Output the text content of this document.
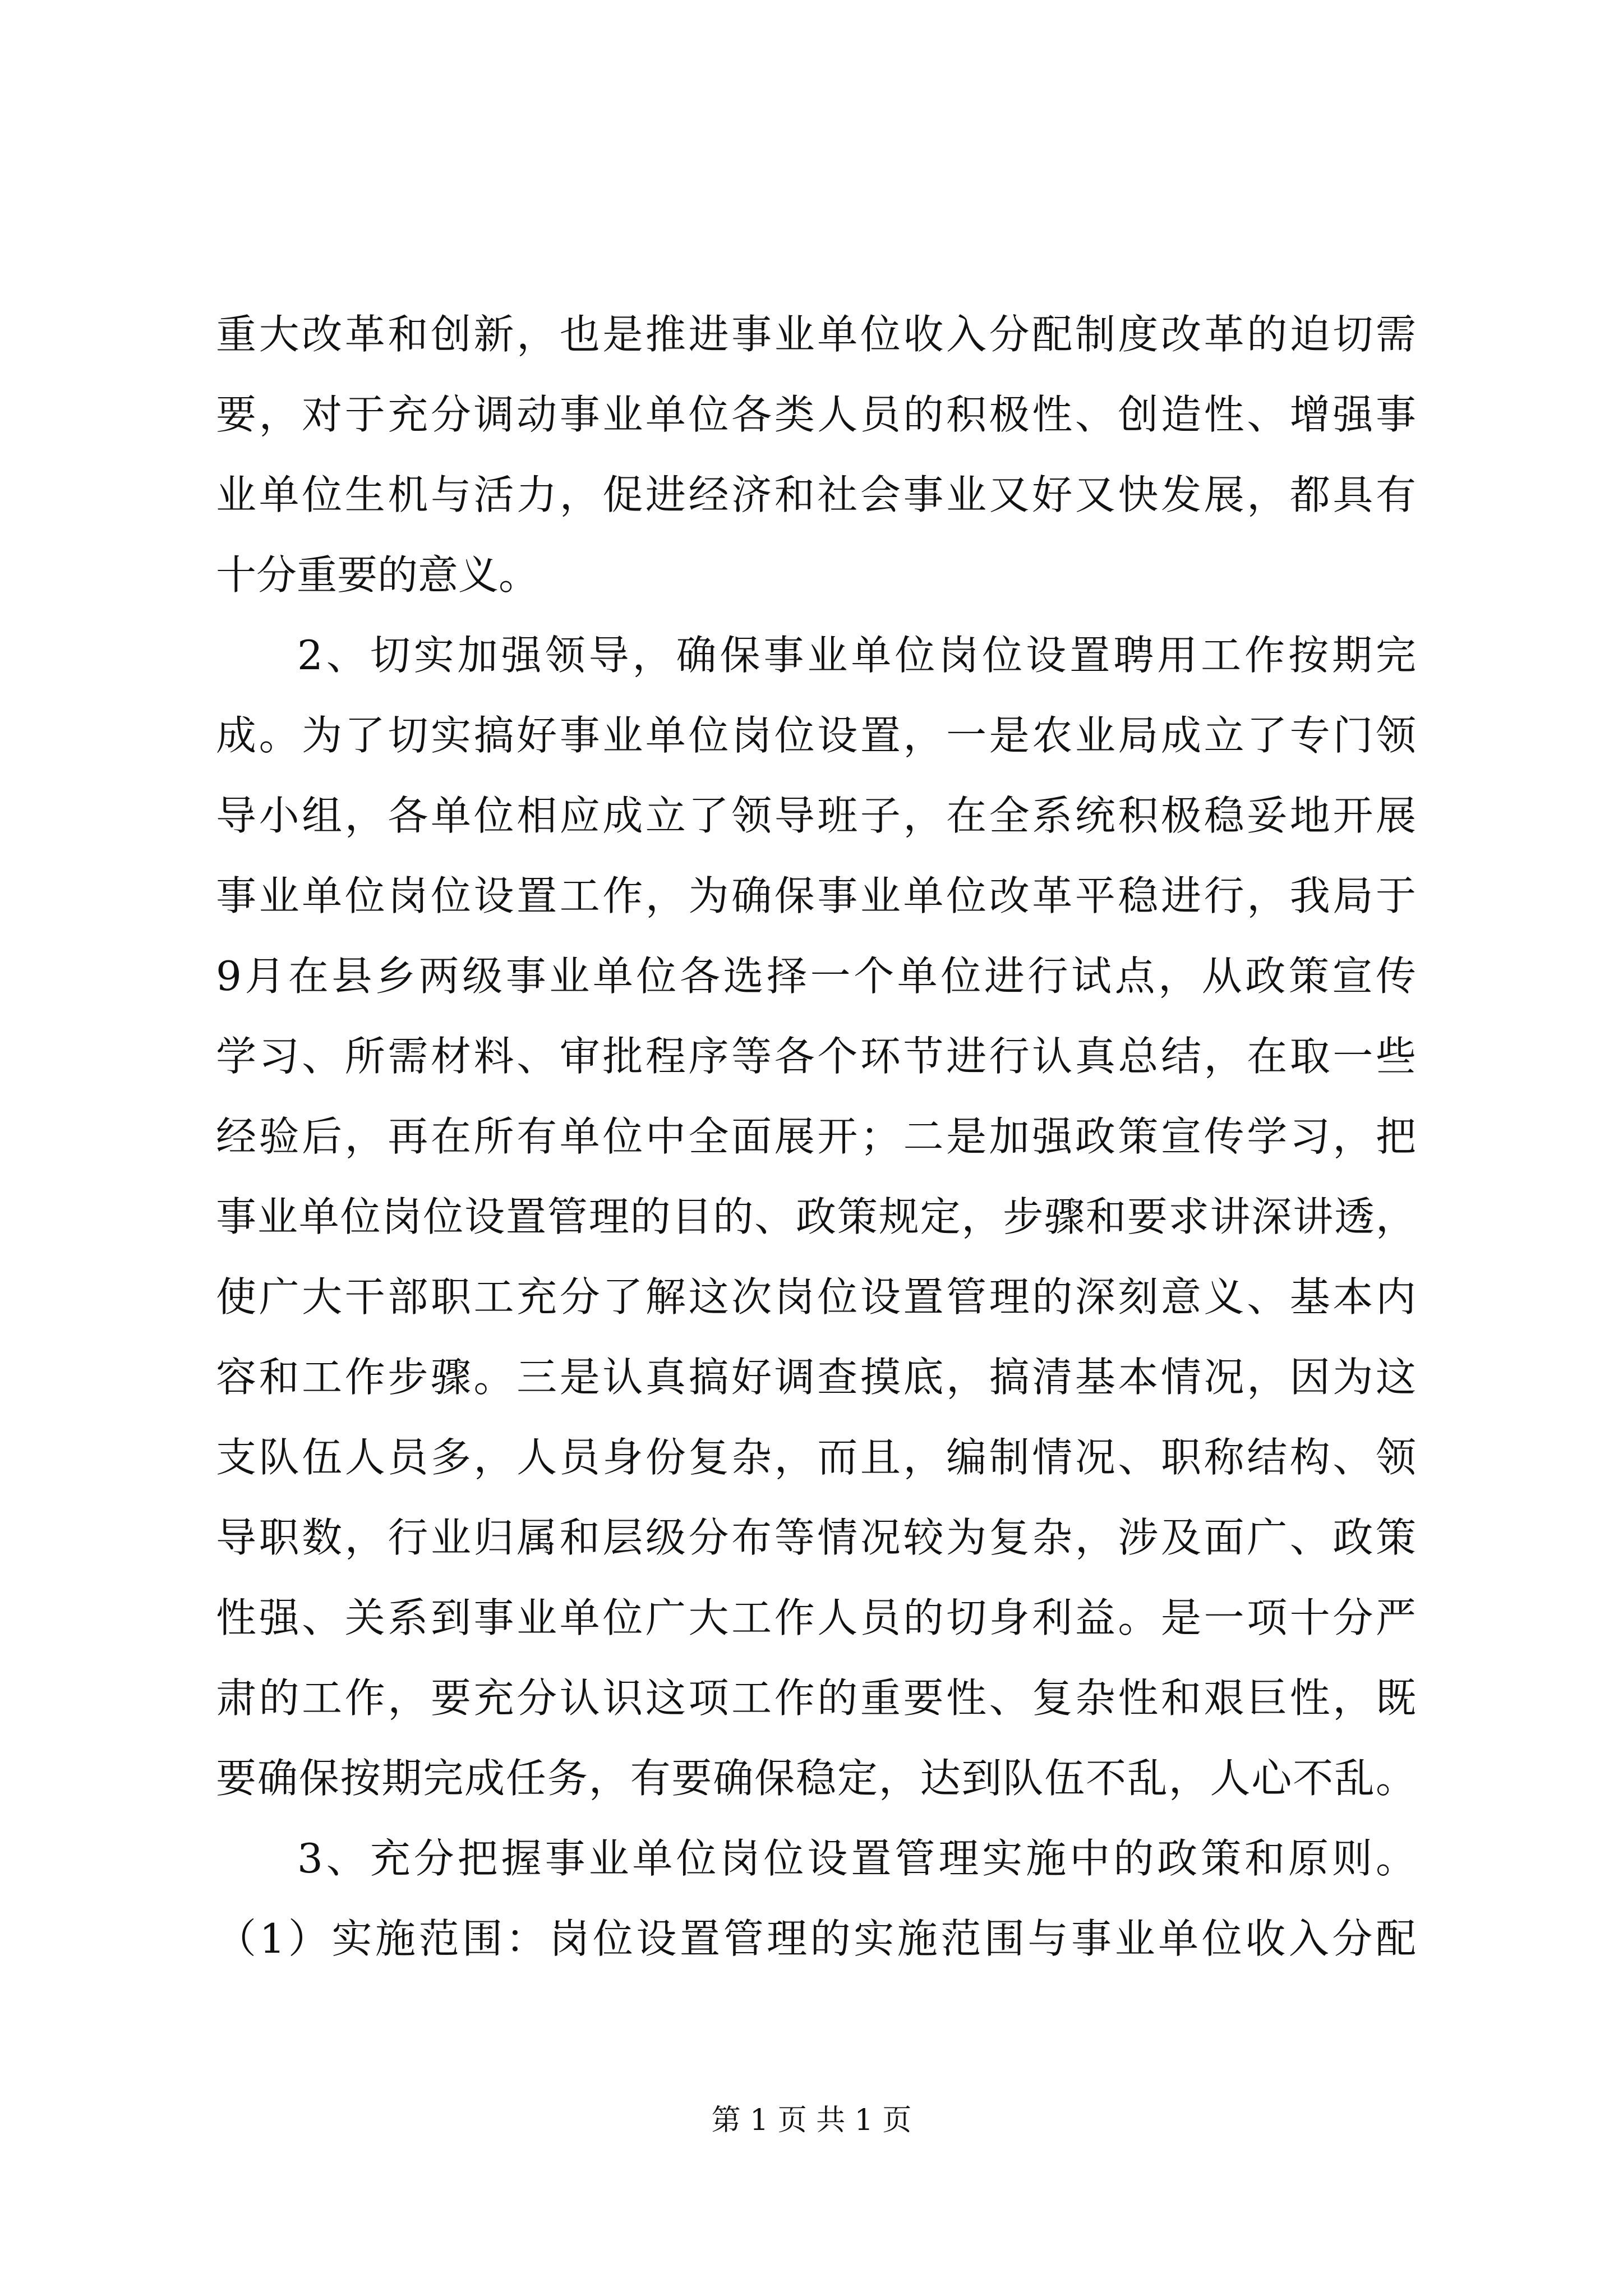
重大改革和创新，也是推进事业单位收入分配制度改革的迫切需
要，对于充分调动事业单位各类人员的积极性、创造性、增强事
业单位生机与活力，促进经济和社会事业又好又快发展，都具有
十分重要的意义。
2、切实加强领导，确保事业单位岗位设置聘用工作按期完
成。为了切实搞好事业单位岗位设置，一是农业局成立了专门领
导小组，各单位相应成立了领导班子，在全系统积极稳妥地开展
事业单位岗位设置工作，为确保事业单位改革平稳进行，我局于
9月在县乡两级事业单位各选择一个单位进行试点，从政策宣传
学习、所需材料、审批程序等各个环节进行认真总结，在取一些
经验后，再在所有单位中全面展开；二是加强政策宣传学习，把
事业单位岗位设置管理的目的、政策规定，步骤和要求讲深讲透，
使广大干部职工充分了解这次岗位设置管理的深刻意义、基本内
容和工作步骤。三是认真搞好调查摸底，搞清基本情况，因为这
支队伍人员多，人员身份复杂，而且，编制情况、职称结构、领
导职数，行业归属和层级分布等情况较为复杂，涉及面广、政策
性强、关系到事业单位广大工作人员的切身利益。是一项十分严
肃的工作，要充分认识这项工作的重要性、复杂性和艰巨性，既
要确保按期完成任务，有要确保稳定，达到队伍不乱，人心不乱。
3、充分把握事业单位岗位设置管理实施中的政策和原则。
（1）实施范围：岗位设置管理的实施范围与事业单位收入分配
第 1 页 共 1 页
